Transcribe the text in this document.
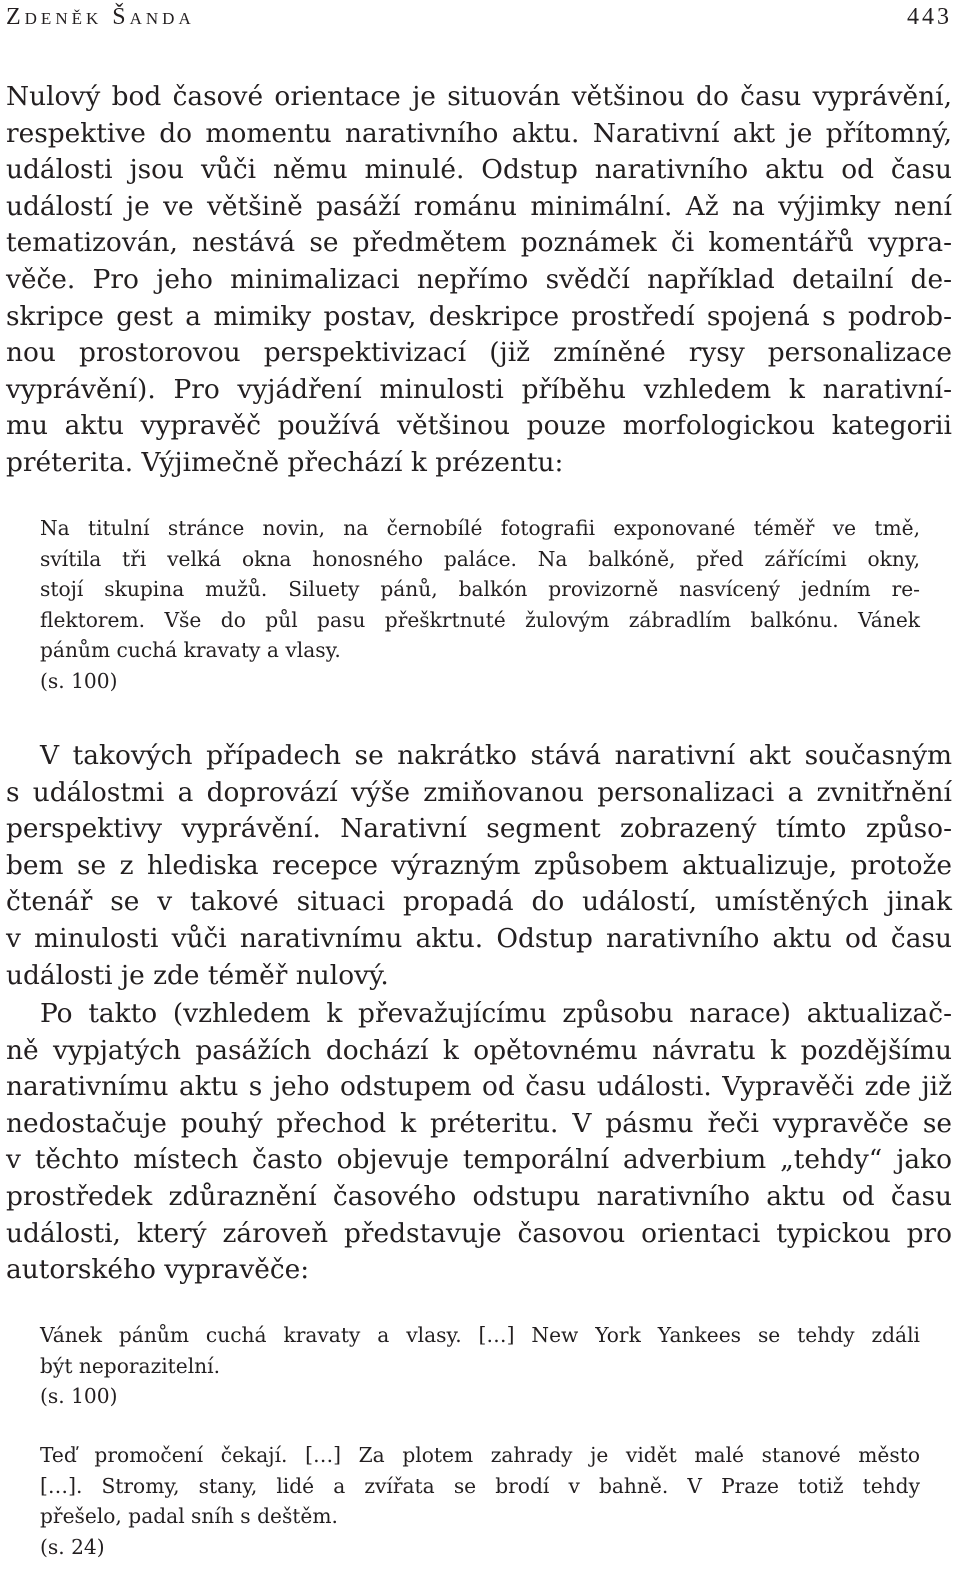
Zdeněk Šanda	443
Nulový bod časové orientace je situován většinou do času vyprávění,
respektive do momentu narativního aktu. Narativní akt je přítomný,
události jsou vůči němu minulé. Odstup narativního aktu od času
událostí je ve většině pasáží románu minimální. Až na výjimky není
tematizován, nestává se předmětem poznámek či komentářů vypra-
věče. Pro jeho minimalizaci nepřímo svědčí například detailní de-
skripce gest a mimiky postav, deskripce prostředí spojená s podrob-
nou prostorovou perspektivizací (již zmíněné rysy personalizace
vyprávění). Pro vyjádření minulosti příběhu vzhledem k narativní-
mu aktu vypravěč používá většinou pouze morfologickou kategorii
préterita. Výjimečně přechází k prézentu:
Na titulní stránce novin, na černobílé fotografii exponované téměř ve tmě,
svítila tři velká okna honosného paláce. Na balkóně, před zářícími okny,
stojí skupina mužů. Siluety pánů, balkón provizorně nasvícený jedním re-
flektorem. Vše do půl pasu přeškrtnuté žulovým zábradlím balkónu. Vánek
pánům cuchá kravaty a vlasy.
(s. 100)
V takových případech se nakrátko stává narativní akt současným
s událostmi a doprovází výše zmiňovanou personalizaci a zvnitřnění
perspektivy vyprávění. Narativní segment zobrazený tímto způso-
bem se z hlediska recepce výrazným způsobem aktualizuje, protože
čtenář se v takové situaci propadá do událostí, umístěných jinak
v minulosti vůči narativnímu aktu. Odstup narativního aktu od času
události je zde téměř nulový.
Po takto (vzhledem k převažujícímu způsobu narace) aktualizač-
ně vypjatých pasážích dochází k opětovnému návratu k pozdějšímu
narativnímu aktu s jeho odstupem od času události. Vypravěči zde již
nedostačuje pouhý přechod k préteritu. V pásmu řeči vypravěče se
v těchto místech často objevuje temporální adverbium „tehdy“ jako
prostředek zdůraznění časového odstupu narativního aktu od času
události, který zároveň představuje časovou orientaci typickou pro
autorského vypravěče:
Vánek pánům cuchá kravaty a vlasy. […] New York Yankees se tehdy zdáli
být neporazitelní.
(s. 100)
Teď promočení čekají. […] Za plotem zahrady je vidět malé stanové město
[…]. Stromy, stany, lidé a zvířata se brodí v bahně. V Praze totiž tehdy
přešelo, padal sníh s deštěm.
(s. 24)
